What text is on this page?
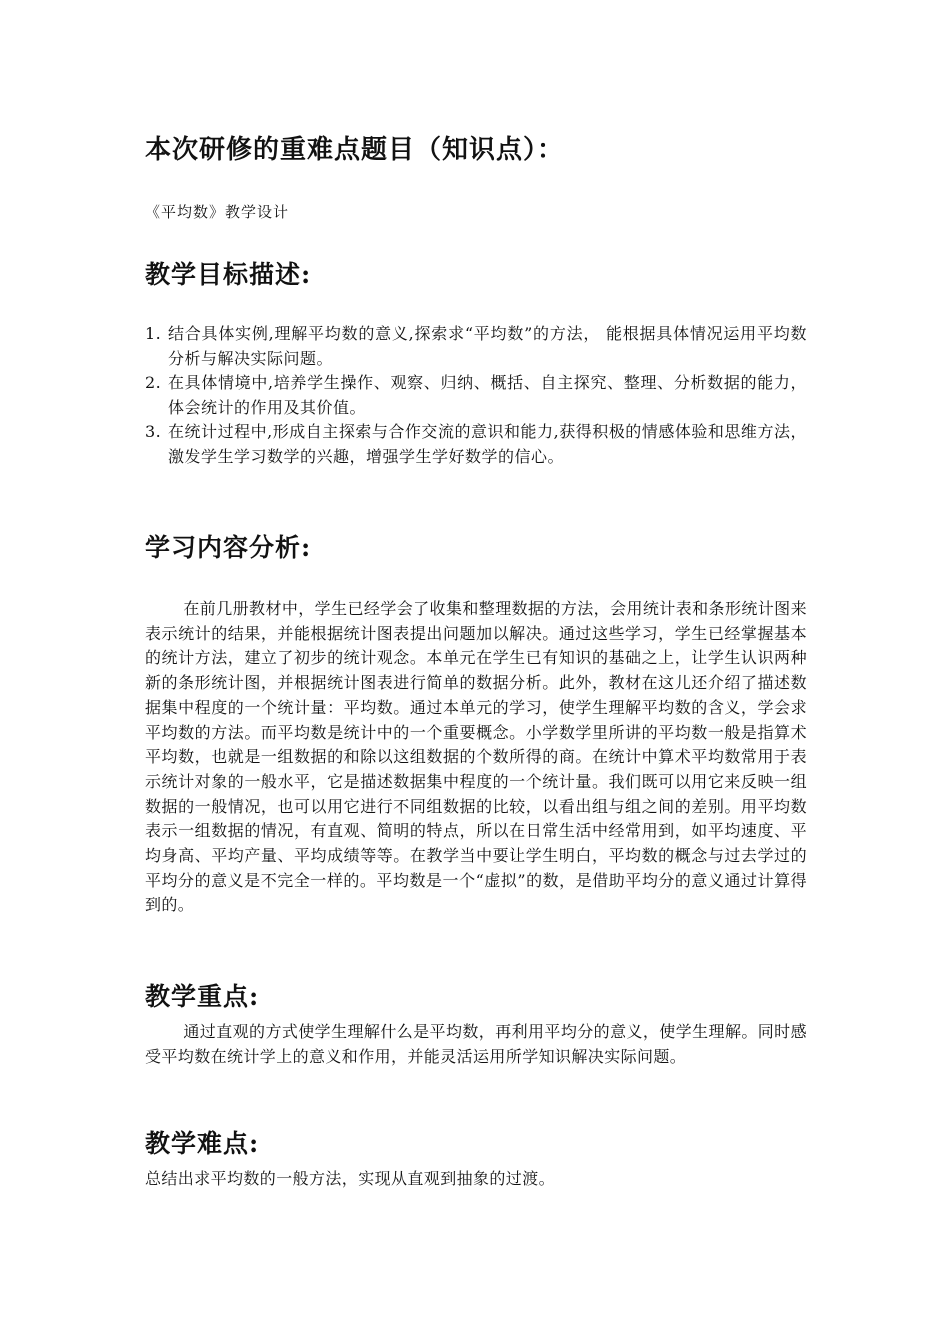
本次研修的重难点题目（知识点）：
《平均数》教学设计
教学目标描述:
1. 结合具体实例,理解平均数的意义,探索求“平均数”的方法， 能根据具体情况运用平均数分析与解决实际问题。
2. 在具体情境中,培养学生操作、观察、归纳、概括、自主探究、整理、分析数据的能力，体会统计的作用及其价值。
3. 在统计过程中,形成自主探索与合作交流的意识和能力,获得积极的情感体验和思维方法，激发学生学习数学的兴趣，增强学生学好数学的信心。
学习内容分析:

在前几册教材中，学生已经学会了收集和整理数据的方法，会用统计表和条形统计图来表示统计的结果，并能根据统计图表提出问题加以解决。通过这些学习，学生已经掌握基本的统计方法，建立了初步的统计观念。本单元在学生已有知识的基础之上，让学生认识两种新的条形统计图，并根据统计图表进行简单的数据分析。此外，教材在这儿还介绍了描述数据集中程度的一个统计量：平均数。通过本单元的学习，使学生理解平均数的含义，学会求平均数的方法。而平均数是统计中的一个重要概念。小学数学里所讲的平均数一般是指算术平均数，也就是一组数据的和除以这组数据的个数所得的商。在统计中算术平均数常用于表示统计对象的一般水平，它是描述数据集中程度的一个统计量。我们既可以用它来反映一组数据的一般情况，也可以用它进行不同组数据的比较，以看出组与组之间的差别。用平均数表示一组数据的情况，有直观、简明的特点，所以在日常生活中经常用到，如平均速度、平均身高、平均产量、平均成绩等等。在教学当中要让学生明白，平均数的概念与过去学过的平均分的意义是不完全一样的。平均数是一个“虚拟”的数，是借助平均分的意义通过计算得到的。

教学重点:

通过直观的方式使学生理解什么是平均数，再利用平均分的意义，使学生理解。同时感受平均数在统计学上的意义和作用，并能灵活运用所学知识解决实际问题。

教学难点:

总结出求平均数的一般方法，实现从直观到抽象的过渡。
